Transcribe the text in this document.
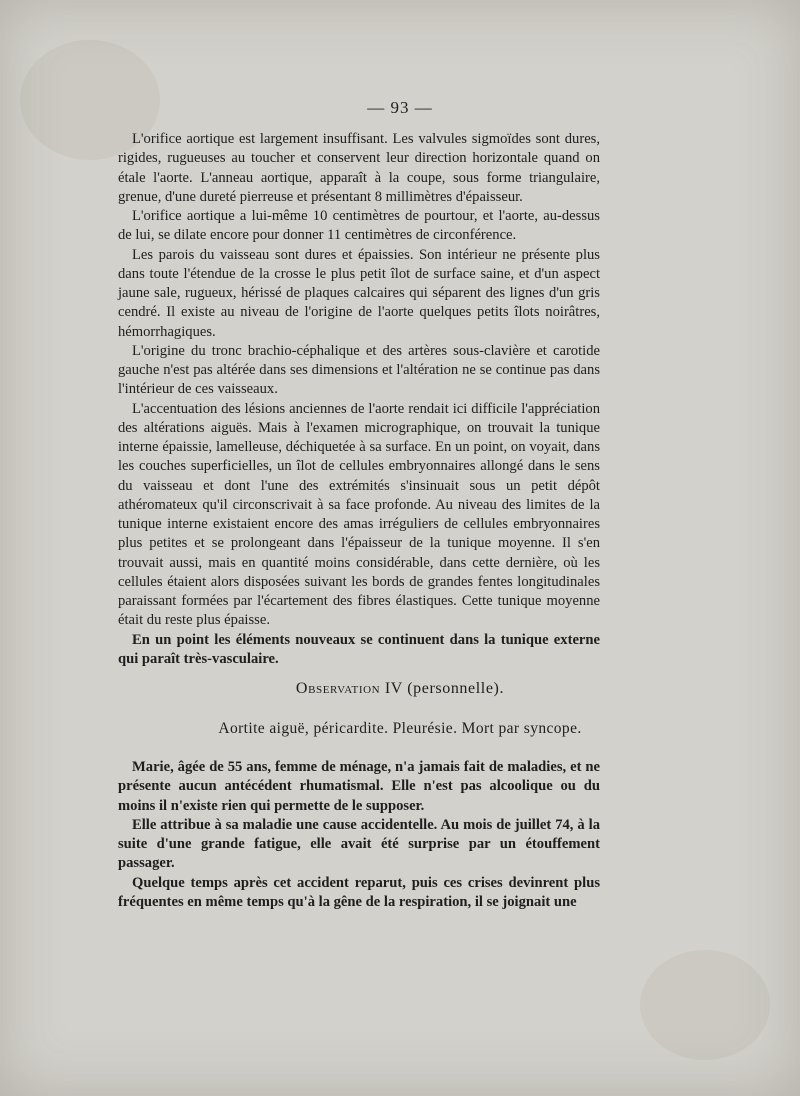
— 93 —

L'orifice aortique est largement insuffisant. Les valvules sigmoïdes sont dures, rigides, rugueuses au toucher et conservent leur direction horizontale quand on étale l'aorte. L'anneau aortique, apparaît à la coupe, sous forme triangulaire, grenue, d'une dureté pierreuse et présentant 8 millimètres d'épaisseur.

L'orifice aortique a lui-même 10 centimètres de pourtour, et l'aorte, au-dessus de lui, se dilate encore pour donner 11 centimètres de circonférence.

Les parois du vaisseau sont dures et épaissies. Son intérieur ne présente plus dans toute l'étendue de la crosse le plus petit îlot de surface saine, et d'un aspect jaune sale, rugueux, hérissé de plaques calcaires qui séparent des lignes d'un gris cendré. Il existe au niveau de l'origine de l'aorte quelques petits îlots noirâtres, hémorrhagiques.

L'origine du tronc brachio-céphalique et des artères sous-clavière et carotide gauche n'est pas altérée dans ses dimensions et l'altération ne se continue pas dans l'intérieur de ces vaisseaux.

L'accentuation des lésions anciennes de l'aorte rendait ici difficile l'appréciation des altérations aiguës. Mais à l'examen micrographique, on trouvait la tunique interne épaissie, lamelleuse, déchiquetée à sa surface. En un point, on voyait, dans les couches superficielles, un îlot de cellules embryonnaires allongé dans le sens du vaisseau et dont l'une des extrémités s'insinuait sous un petit dépôt athéromateux qu'il circonscrivait à sa face profonde. Au niveau des limites de la tunique interne existaient encore des amas irréguliers de cellules embryonnaires plus petites et se prolongeant dans l'épaisseur de la tunique moyenne. Il s'en trouvait aussi, mais en quantité moins considérable, dans cette dernière, où les cellules étaient alors disposées suivant les bords de grandes fentes longitudinales paraissant formées par l'écartement des fibres élastiques. Cette tunique moyenne était du reste plus épaisse.

En un point les éléments nouveaux se continuent dans la tunique externe qui paraît très-vasculaire.

Observation IV (personnelle).
Aortite aiguë, péricardite. Pleurésie. Mort par syncope.

Marie, âgée de 55 ans, femme de ménage, n'a jamais fait de maladies, et ne présente aucun antécédent rhumatismal. Elle n'est pas alcoolique ou du moins il n'existe rien qui permette de le supposer.

Elle attribue à sa maladie une cause accidentelle. Au mois de juillet 74, à la suite d'une grande fatigue, elle avait été surprise par un étouffement passager.

Quelque temps après cet accident reparut, puis ces crises devinrent plus fréquentes en même temps qu'à la gêne de la respiration, il se joignait une
